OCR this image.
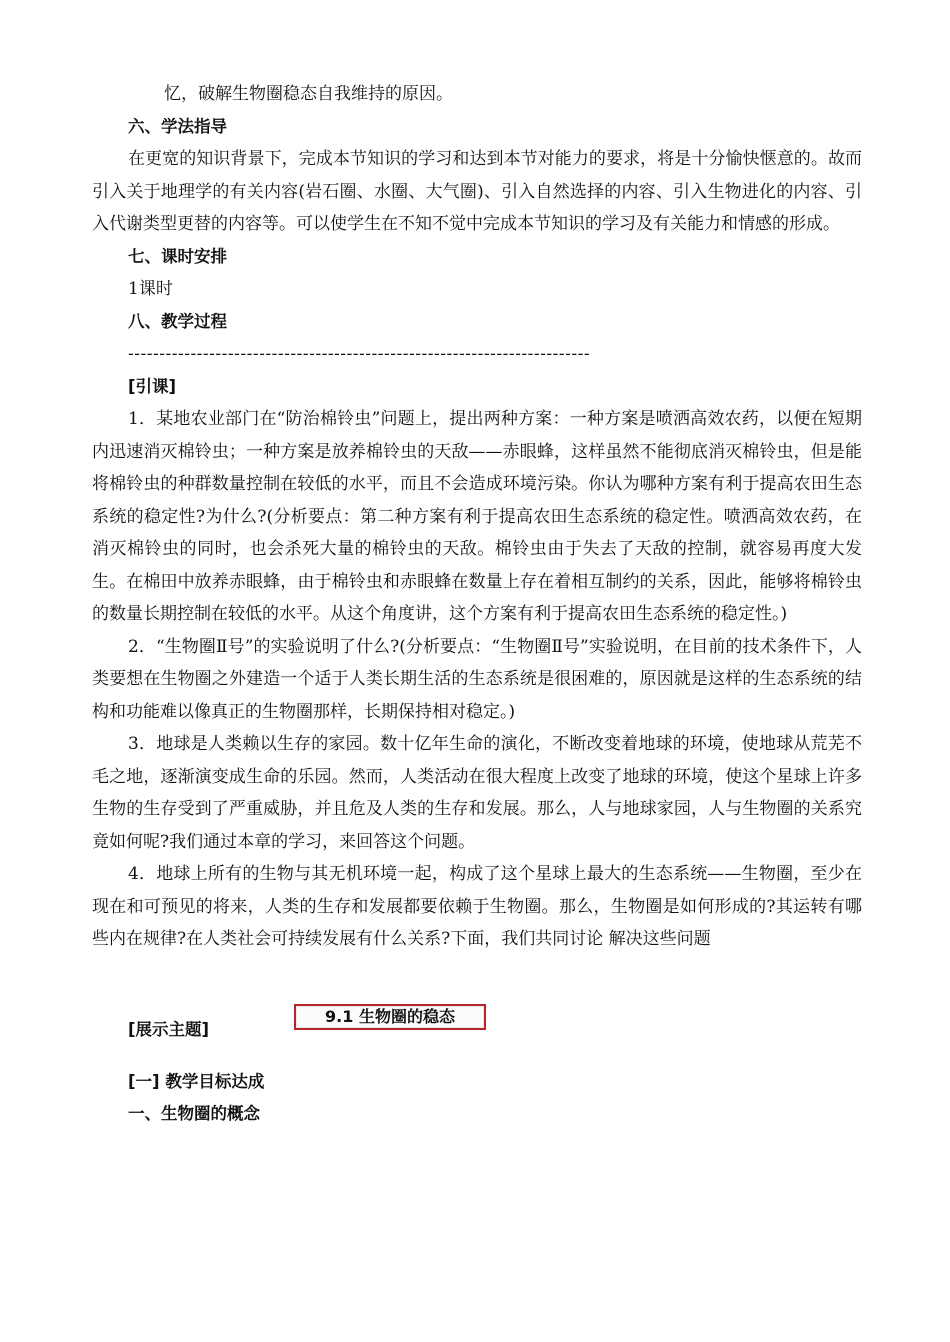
忆，破解生物圈稳态自我维持的原因。

六、学法指导

在更宽的知识背景下，完成本节知识的学习和达到本节对能力的要求，将是十分愉快惬意的。故而引入关于地理学的有关内容(岩石圈、水圈、大气圈)、引入自然选择的内容、引入生物进化的内容、引入代谢类型更替的内容等。可以使学生在不知不觉中完成本节知识的学习及有关能力和情感的形成。

七、课时安排

1课时

八、教学过程

--------------------------------------------------------------------------

[引课]

1．某地农业部门在“防治棉铃虫”问题上，提出两种方案：一种方案是喷洒高效农药，以便在短期内迅速消灭棉铃虫；一种方案是放养棉铃虫的天敌——赤眼蜂，这样虽然不能彻底消灭棉铃虫，但是能将棉铃虫的种群数量控制在较低的水平，而且不会造成环境污染。你认为哪种方案有利于提高农田生态系统的稳定性?为什么?(分析要点：第二种方案有利于提高农田生态系统的稳定性。喷洒高效农药，在消灭棉铃虫的同时，也会杀死大量的棉铃虫的天敌。棉铃虫由于失去了天敌的控制，就容易再度大发生。在棉田中放养赤眼蜂，由于棉铃虫和赤眼蜂在数量上存在着相互制约的关系，因此，能够将棉铃虫的数量长期控制在较低的水平。从这个角度讲，这个方案有利于提高农田生态系统的稳定性。)

2．“生物圈Ⅱ号”的实验说明了什么?(分析要点：“生物圈Ⅱ号”实验说明，在目前的技术条件下，人类要想在生物圈之外建造一个适于人类长期生活的生态系统是很困难的，原因就是这样的生态系统的结构和功能难以像真正的生物圈那样，长期保持相对稳定。)

3．地球是人类赖以生存的家园。数十亿年生命的演化，不断改变着地球的环境，使地球从荒芜不毛之地，逐渐演变成生命的乐园。然而，人类活动在很大程度上改变了地球的环境，使这个星球上许多生物的生存受到了严重威胁，并且危及人类的生存和发展。那么，人与地球家园，人与生物圈的关系究竟如何呢?我们通过本章的学习，来回答这个问题。

4．地球上所有的生物与其无机环境一起，构成了这个星球上最大的生态系统——生物圈，至少在现在和可预见的将来，人类的生存和发展都要依赖于生物圈。那么，生物圈是如何形成的?其运转有哪些内在规律?在人类社会可持续发展有什么关系?下面，我们共同讨论 解决这些问题

[展示主题]
9.1 生物圈的稳态

[一] 教学目标达成

一、生物圈的概念
